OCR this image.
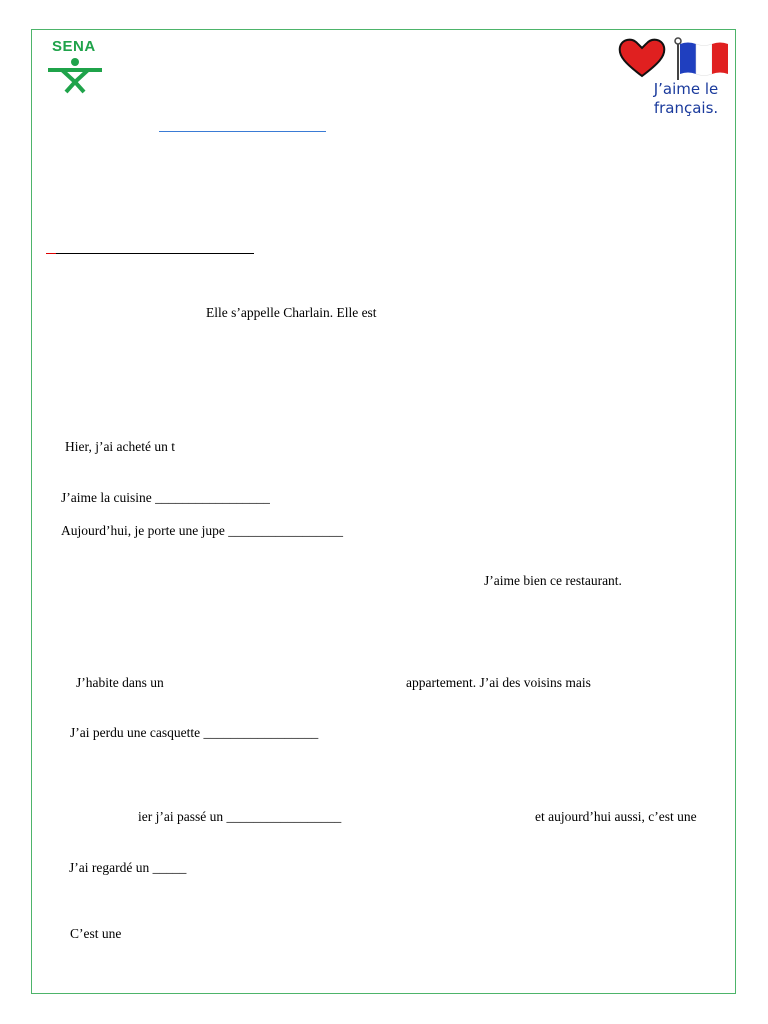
SENA
J’aime le
français.
Elle s’appelle Charlain. Elle est
Hier, j’ai acheté un t
J’aime la cuisine _________________
Aujourd’hui, je porte une jupe _________________
J’aime bien ce restaurant.
J’habite dans un	appartement. J’ai des voisins mais
J’ai perdu une casquette _________________
ier j’ai passé un _________________	et aujourd’hui aussi, c’est une
J’ai regardé un _____
C’est une
